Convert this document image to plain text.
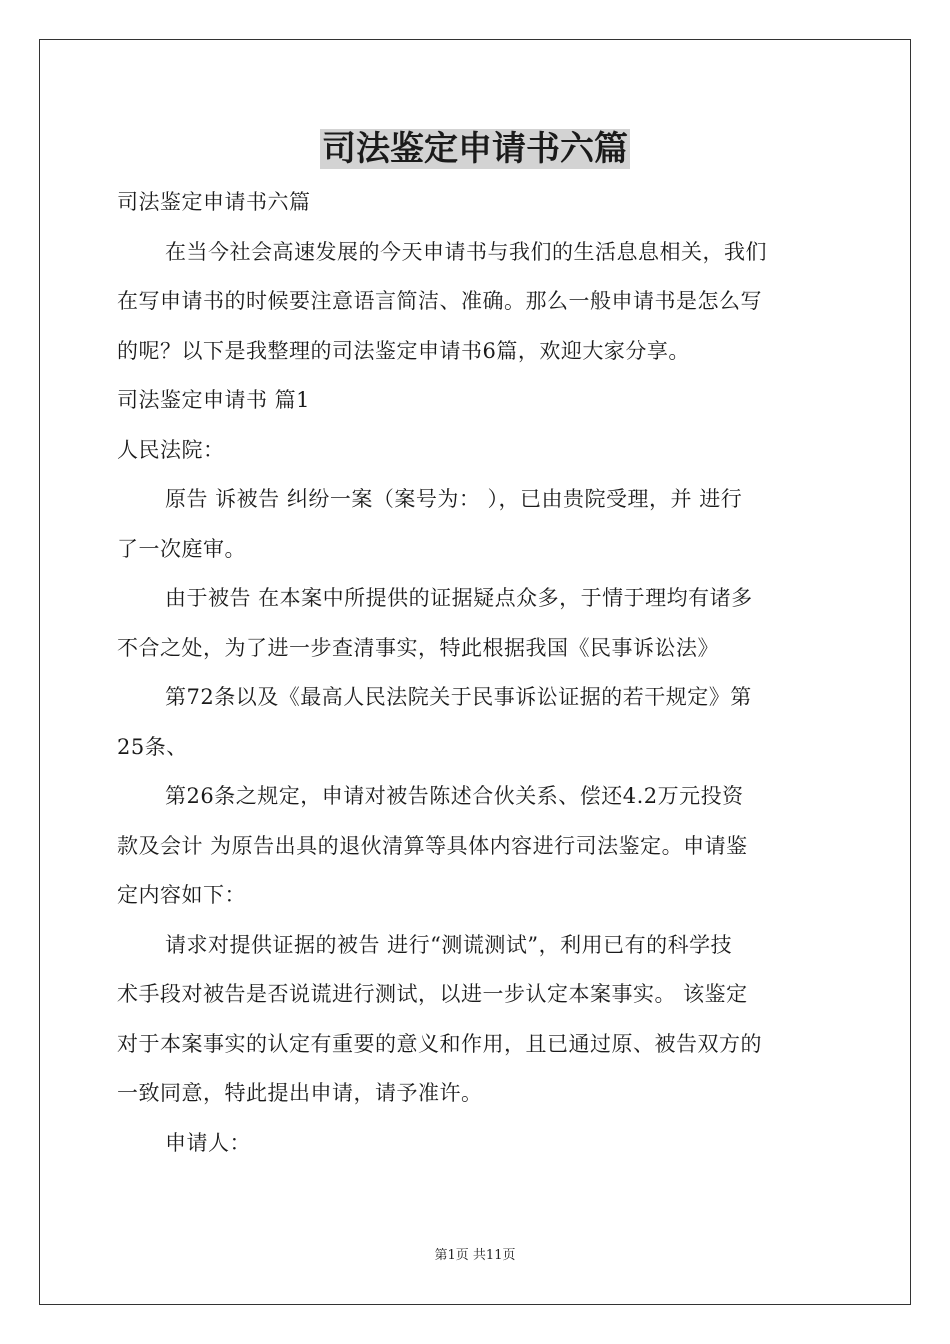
司法鉴定申请书六篇

司法鉴定申请书六篇

在当今社会高速发展的今天申请书与我们的生活息息相关，我们

在写申请书的时候要注意语言简洁、准确。那么一般申请书是怎么写

的呢？以下是我整理的司法鉴定申请书6篇，欢迎大家分享。

司法鉴定申请书 篇1

人民法院：

原告 诉被告 纠纷一案（案号为： ），已由贵院受理，并 进行

了一次庭审。

由于被告 在本案中所提供的证据疑点众多，于情于理均有诸多

不合之处，为了进一步查清事实，特此根据我国《民事诉讼法》

第72条以及《最高人民法院关于民事诉讼证据的若干规定》第

25条、

第26条之规定，申请对被告陈述合伙关系、偿还4.2万元投资

款及会计 为原告出具的退伙清算等具体内容进行司法鉴定。申请鉴

定内容如下：

请求对提供证据的被告 进行“测谎测试”，利用已有的科学技

术手段对被告是否说谎进行测试，以进一步认定本案事实。 该鉴定

对于本案事实的认定有重要的意义和作用，且已通过原、被告双方的

一致同意，特此提出申请，请予准许。

申请人：

第1页 共11页
